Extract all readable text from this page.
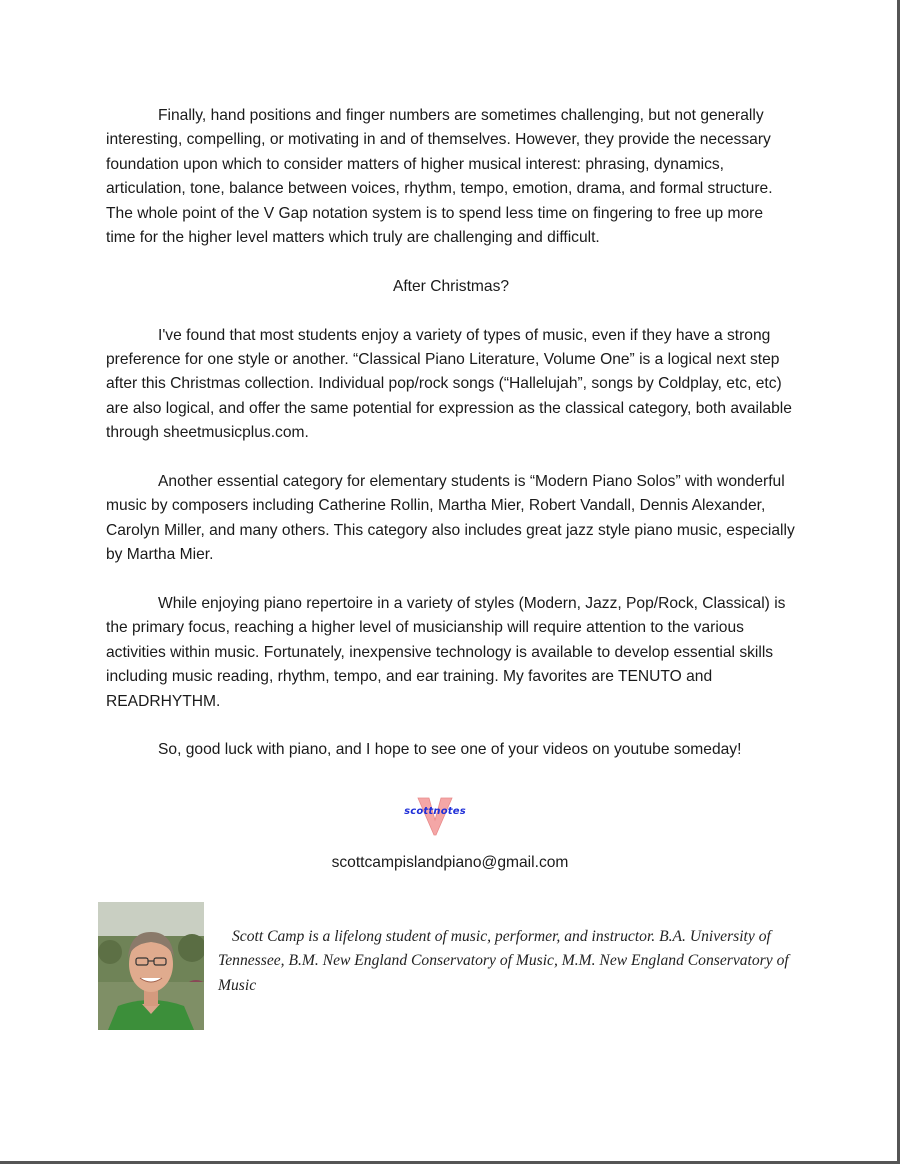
Finally, hand positions and finger numbers are sometimes challenging, but not generally interesting, compelling, or motivating in and of themselves. However, they provide the necessary foundation upon which to consider matters of higher musical interest: phrasing, dynamics, articulation, tone, balance between voices, rhythm, tempo, emotion, drama, and formal structure. The whole point of the V Gap notation system is to spend less time on fingering to free up more time for the higher level matters which truly are challenging and difficult.

After Christmas?

I've found that most students enjoy a variety of types of music, even if they have a strong preference for one style or another. “Classical Piano Literature, Volume One” is a logical next step after this Christmas collection. Individual pop/rock songs (“Hallelujah”, songs by Coldplay, etc, etc) are also logical, and offer the same potential for expression as the classical category, both available through sheetmusicplus.com.

Another essential category for elementary students is “Modern Piano Solos” with wonderful music by composers including Catherine Rollin, Martha Mier, Robert Vandall, Dennis Alexander, Carolyn Miller, and many others. This category also includes great jazz style piano music, especially by Martha Mier.

While enjoying piano repertoire in a variety of styles (Modern, Jazz, Pop/Rock, Classical) is the primary focus, reaching a higher level of musicianship will require attention to the various activities within music. Fortunately, inexpensive technology is available to develop essential skills including music reading, rhythm, tempo, and ear training. My favorites are TENUTO and READRHYTHM.

So, good luck with piano, and I hope to see one of your videos on youtube someday!

scottnotes
scottcampislandpiano@gmail.com
Scott Camp is a lifelong student of music, performer, and instructor. B.A. University of Tennessee, B.M. New England Conservatory of Music, M.M. New England Conservatory of Music
